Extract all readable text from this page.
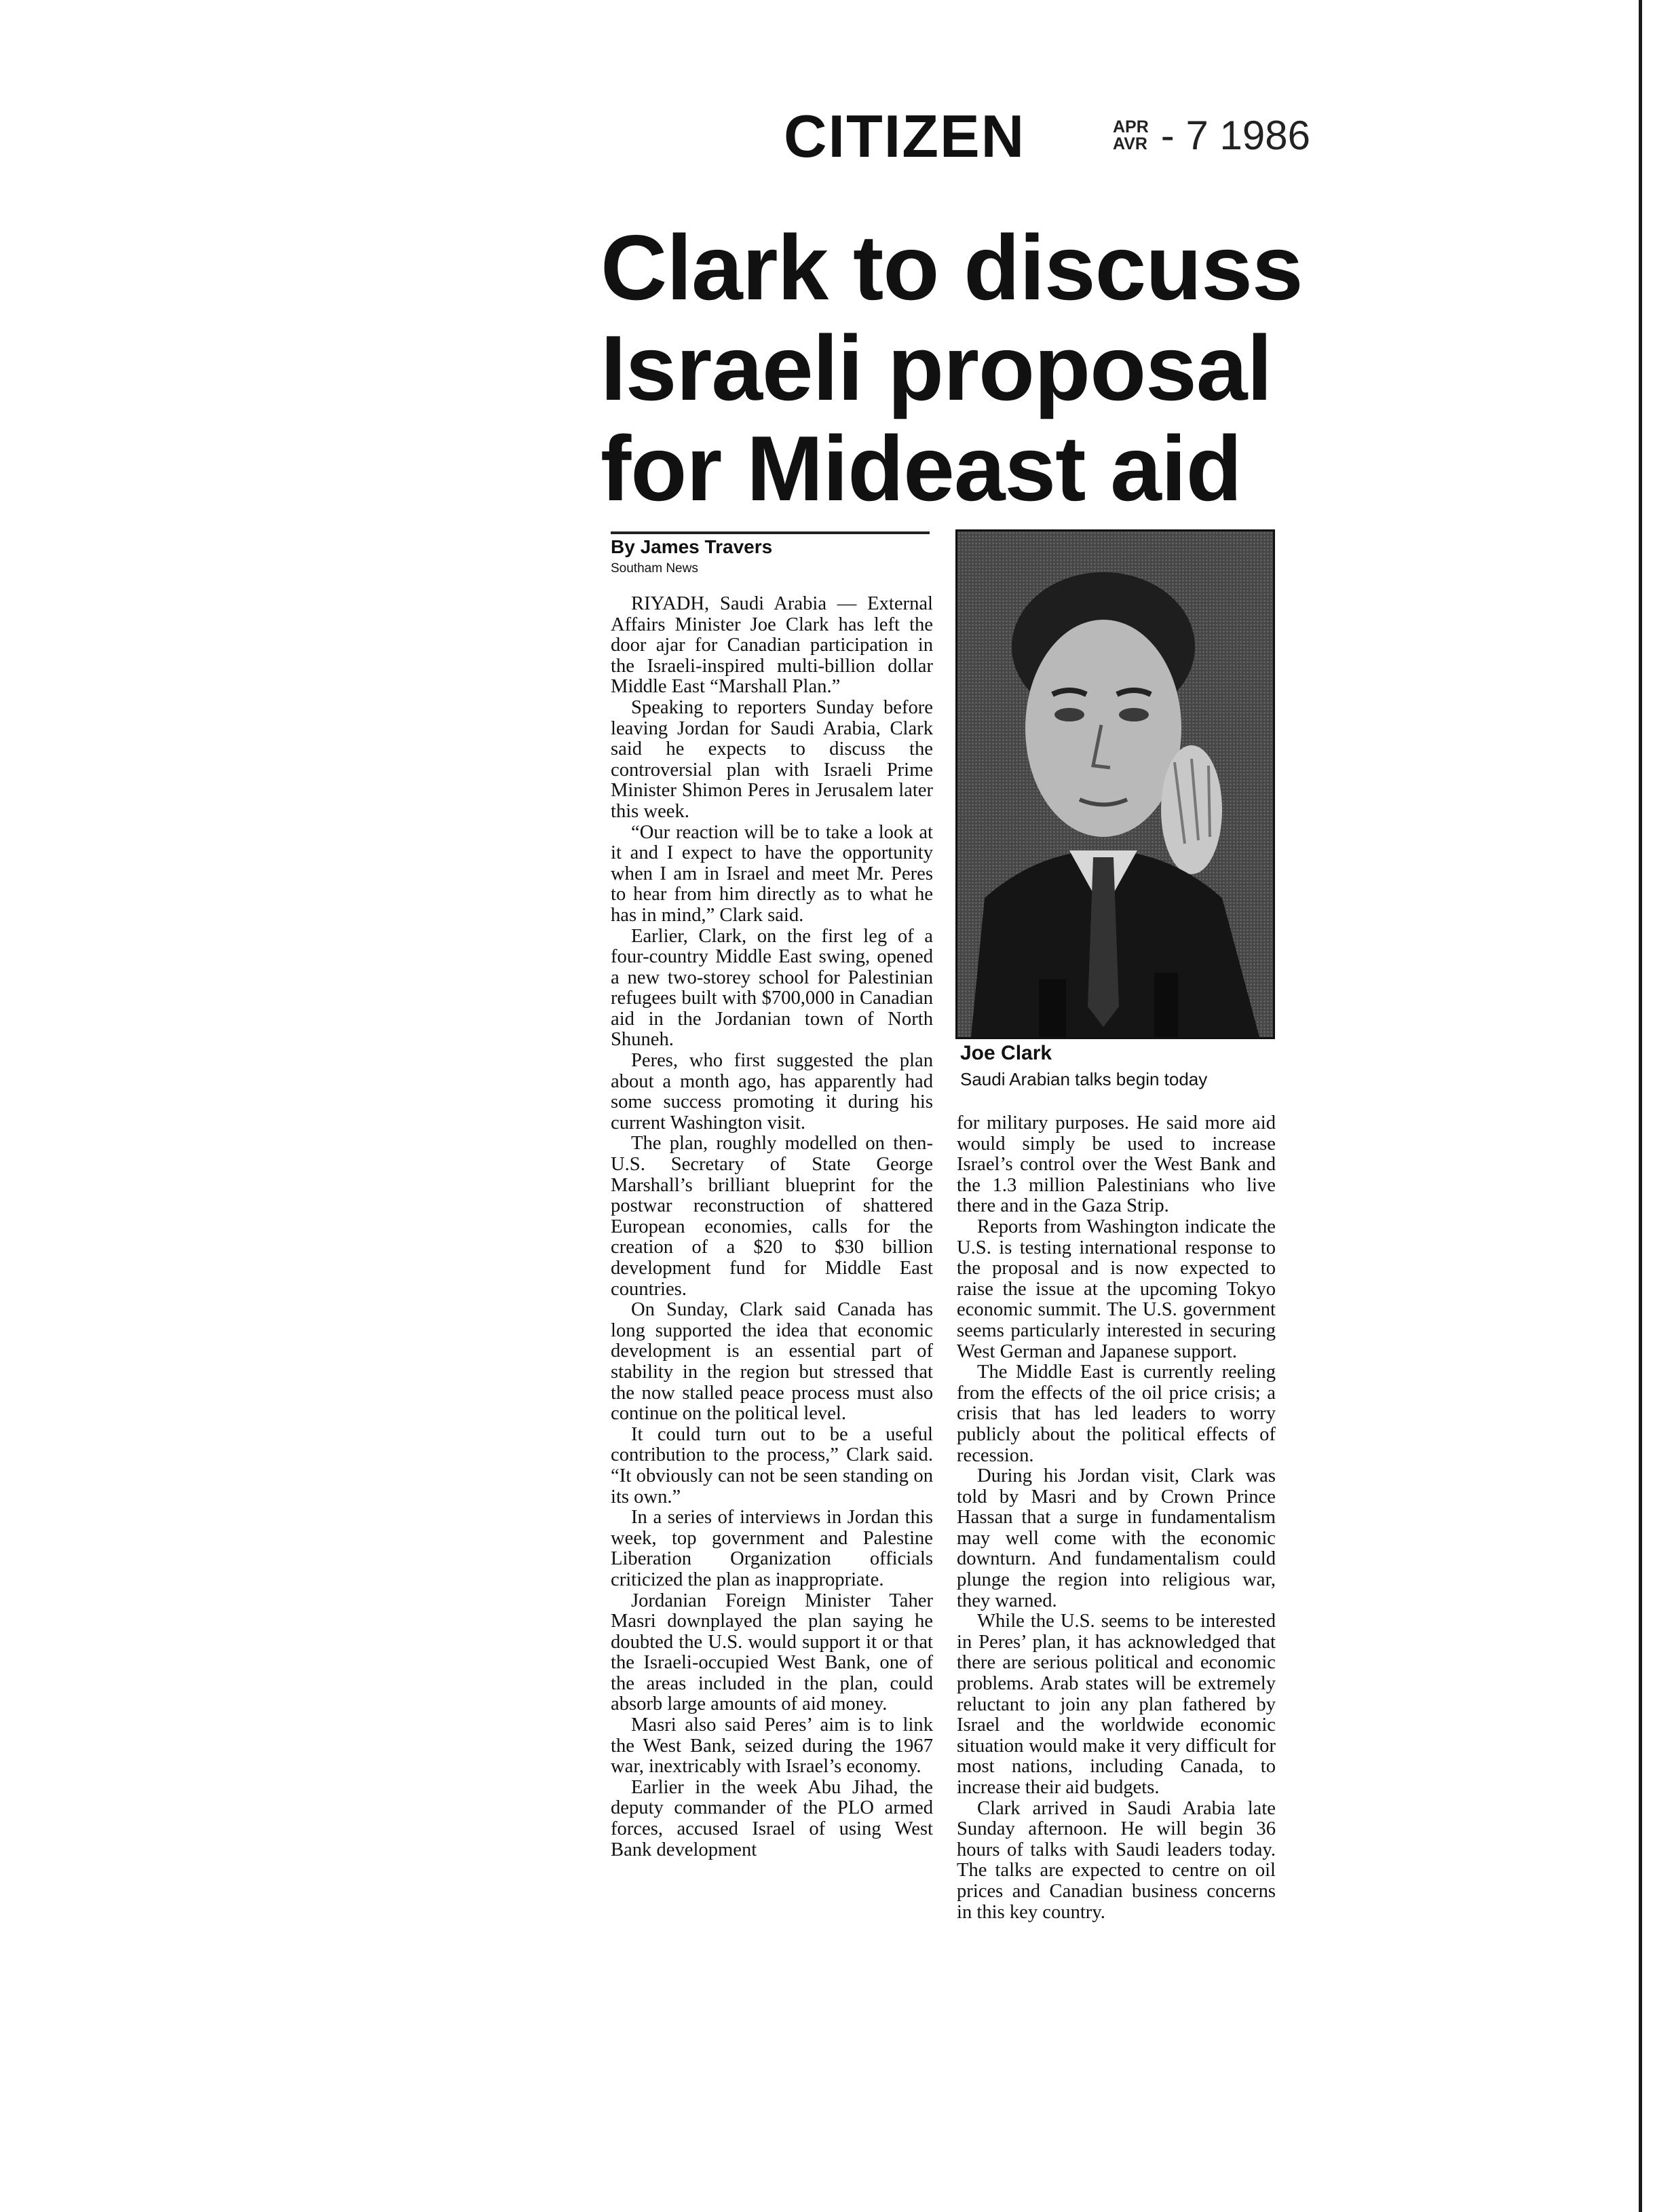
CITIZEN	APR
AVR - 7 1986
Clark to discuss
Israeli proposal
for Mideast aid
By James Travers
Southam News

RIYADH, Saudi Arabia — External Affairs Minister Joe Clark has left the door ajar for Canadian participation in the Israeli-inspired multi-billion dollar Middle East “Marshall Plan.”

Speaking to reporters Sunday before leaving Jordan for Saudi Arabia, Clark said he expects to discuss the controversial plan with Israeli Prime Minister Shimon Peres in Jerusalem later this week.

“Our reaction will be to take a look at it and I expect to have the opportunity when I am in Israel and meet Mr. Peres to hear from him directly as to what he has in mind,” Clark said.

Earlier, Clark, on the first leg of a four-country Middle East swing, opened a new two-storey school for Palestinian refugees built with $700,000 in Canadian aid in the Jordanian town of North Shuneh.

Peres, who first suggested the plan about a month ago, has apparently had some success promoting it during his current Washington visit.

The plan, roughly modelled on then-U.S. Secretary of State George Marshall’s brilliant blueprint for the postwar reconstruction of shattered European economies, calls for the creation of a $20 to $30 billion development fund for Middle East countries.

On Sunday, Clark said Canada has long supported the idea that economic development is an essential part of stability in the region but stressed that the now stalled peace process must also continue on the political level.

It could turn out to be a useful contribution to the process,” Clark said. “It obviously can not be seen standing on its own.”

In a series of interviews in Jordan this week, top government and Palestine Liberation Organization officials criticized the plan as inappropriate.

Jordanian Foreign Minister Taher Masri downplayed the plan saying he doubted the U.S. would support it or that the Israeli-occupied West Bank, one of the areas included in the plan, could absorb large amounts of aid money.

Masri also said Peres’ aim is to link the West Bank, seized during the 1967 war, inextricably with Israel’s economy.

Earlier in the week Abu Jihad, the deputy commander of the PLO armed forces, accused Israel of using West Bank development

Joe Clark
Saudi Arabian talks begin today

for military purposes. He said more aid would simply be used to increase Israel’s control over the West Bank and the 1.3 million Palestinians who live there and in the Gaza Strip.

Reports from Washington indicate the U.S. is testing international response to the proposal and is now expected to raise the issue at the upcoming Tokyo economic summit. The U.S. government seems particularly interested in securing West German and Japanese support.

The Middle East is currently reeling from the effects of the oil price crisis; a crisis that has led leaders to worry publicly about the political effects of recession.

During his Jordan visit, Clark was told by Masri and by Crown Prince Hassan that a surge in fundamentalism may well come with the economic downturn. And fundamentalism could plunge the region into religious war, they warned.

While the U.S. seems to be interested in Peres’ plan, it has acknowledged that there are serious political and economic problems. Arab states will be extremely reluctant to join any plan fathered by Israel and the worldwide economic situation would make it very difficult for most nations, including Canada, to increase their aid budgets.

Clark arrived in Saudi Arabia late Sunday afternoon. He will begin 36 hours of talks with Saudi leaders today. The talks are expected to centre on oil prices and Canadian business concerns in this key country.
